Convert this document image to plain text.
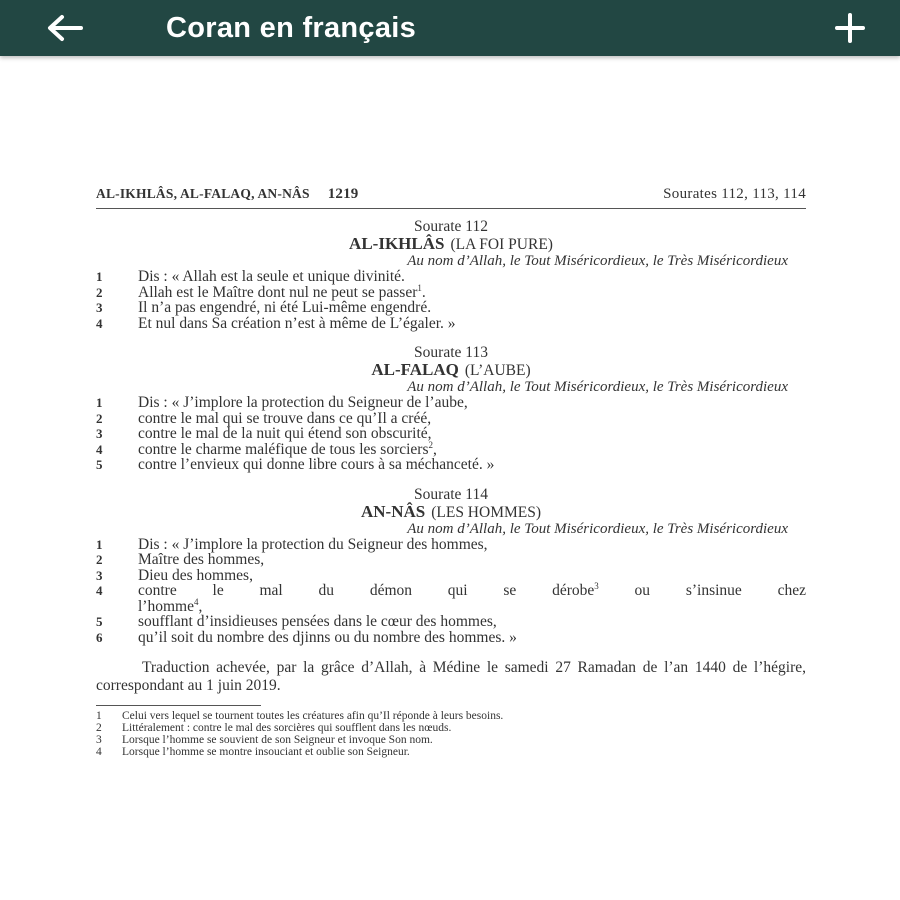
Coran en français
AL-IKHLÂS, AL-FALAQ, AN-NÂS 1219	Sourates 112, 113, 114
Sourate 112
AL-IKHLÂS (LA FOI PURE)
Au nom d’Allah, le Tout Miséricordieux, le Très Miséricordieux
1	Dis : « Allah est la seule et unique divinité.
2	Allah est le Maître dont nul ne peut se passer$^1$.
3	Il n’a pas engendré, ni été Lui-même engendré.
4	Et nul dans Sa création n’est à même de L’égaler. »
Sourate 113
AL-FALAQ (L’AUBE)
Au nom d’Allah, le Tout Miséricordieux, le Très Miséricordieux
1	Dis : « J’implore la protection du Seigneur de l’aube,
2	contre le mal qui se trouve dans ce qu’Il a créé,
3	contre le mal de la nuit qui étend son obscurité,
4	contre le charme maléfique de tous les sorciers$^2$,
5	contre l’envieux qui donne libre cours à sa méchanceté. »
Sourate 114
AN-NÂS (LES HOMMES)
Au nom d’Allah, le Tout Miséricordieux, le Très Miséricordieux
1	Dis : « J’implore la protection du Seigneur des hommes,
2	Maître des hommes,
3	Dieu des hommes,
4	contre le mal du démon qui se dérobe$^3$ ou s’insinue chez
l’homme$^4$,
5	soufflant d’insidieuses pensées dans le cœur des hommes,
6	qu’il soit du nombre des djinns ou du nombre des hommes. »
Traduction achevée, par la grâce d’Allah, à Médine le samedi 27 Ramadan de l’an 1440 de l’hégire, correspondant au 1 juin 2019.
1	Celui vers lequel se tournent toutes les créatures afin qu’Il réponde à leurs besoins.
2	Littéralement : contre le mal des sorcières qui soufflent dans les nœuds.
3	Lorsque l’homme se souvient de son Seigneur et invoque Son nom.
4	Lorsque l’homme se montre insouciant et oublie son Seigneur.
